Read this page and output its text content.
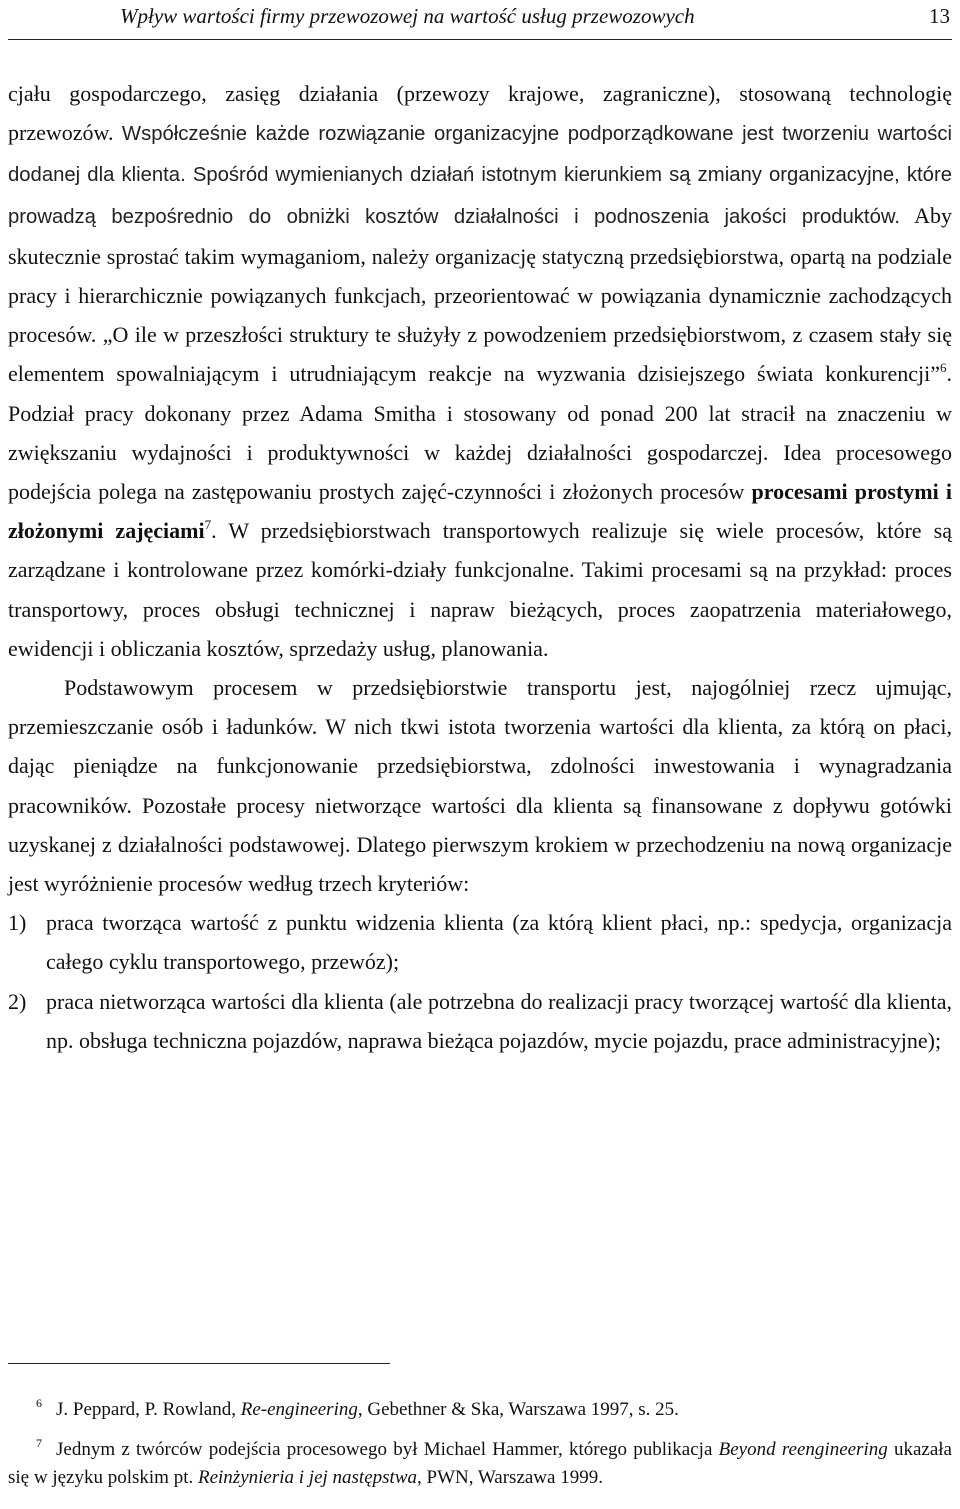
Wpływ wartości firmy przewozowej na wartość usług przewozowych	13

cjału gospodarczego, zasięg działania (przewozy krajowe, zagraniczne), stosowaną technologię przewozów. Współcześnie każde rozwiązanie organizacyjne podporządkowane jest tworzeniu wartości dodanej dla klienta. Spośród wymienianych działań istotnym kierunkiem są zmiany organizacyjne, które prowadzą bezpośrednio do obniżki kosztów działalności i podnoszenia jakości produktów. Aby skutecznie sprostać takim wymaganiom, należy organizację statyczną przedsiębiorstwa, opartą na podziale pracy i hierarchicznie powiązanych funkcjach, przeorientować w powiązania dynamicznie zachodzących procesów. „O ile w przeszłości struktury te służyły z powodzeniem przedsiębiorstwom, z czasem stały się elementem spowalniającym i utrudniającym reakcje na wyzwania dzisiejszego świata konkurencji”$^6$. Podział pracy dokonany przez Adama Smitha i stosowany od ponad 200 lat stracił na znaczeniu w zwiększaniu wydajności i produktywności w każdej działalności gospodarczej. Idea procesowego podejścia polega na zastępowaniu prostych zajęć-czynności i złożonych procesów procesami prostymi i złożonymi zajęciami$^7$. W przedsiębiorstwach transportowych realizuje się wiele procesów, które są zarządzane i kontrolowane przez komórki-działy funkcjonalne. Takimi procesami są na przykład: proces transportowy, proces obsługi technicznej i napraw bieżących, proces zaopatrzenia materiałowego, ewidencji i obliczania kosztów, sprzedaży usług, planowania.

Podstawowym procesem w przedsiębiorstwie transportu jest, najogólniej rzecz ujmując, przemieszczanie osób i ładunków. W nich tkwi istota tworzenia wartości dla klienta, za którą on płaci, dając pieniądze na funkcjonowanie przedsiębiorstwa, zdolności inwestowania i wynagradzania pracowników. Pozostałe procesy nietworzące wartości dla klienta są finansowane z dopływu gotówki uzyskanej z działalności podstawowej. Dlatego pierwszym krokiem w przechodzeniu na nową organizacje jest wyróżnienie procesów według trzech kryteriów:

1) praca tworząca wartość z punktu widzenia klienta (za którą klient płaci, np.: spedycja, organizacja całego cyklu transportowego, przewóz);
2) praca nietworząca wartości dla klienta (ale potrzebna do realizacji pracy tworzącej wartość dla klienta, np. obsługa techniczna pojazdów, naprawa bieżąca pojazdów, mycie pojazdu, prace administracyjne);

$^6$ J. Peppard, P. Rowland, Re-engineering, Gebethner & Ska, Warszawa 1997, s. 25.

$^7$ Jednym z twórców podejścia procesowego był Michael Hammer, którego publikacja Beyond reengineering ukazała się w języku polskim pt. Reinżynieria i jej następstwa, PWN, Warszawa 1999.
